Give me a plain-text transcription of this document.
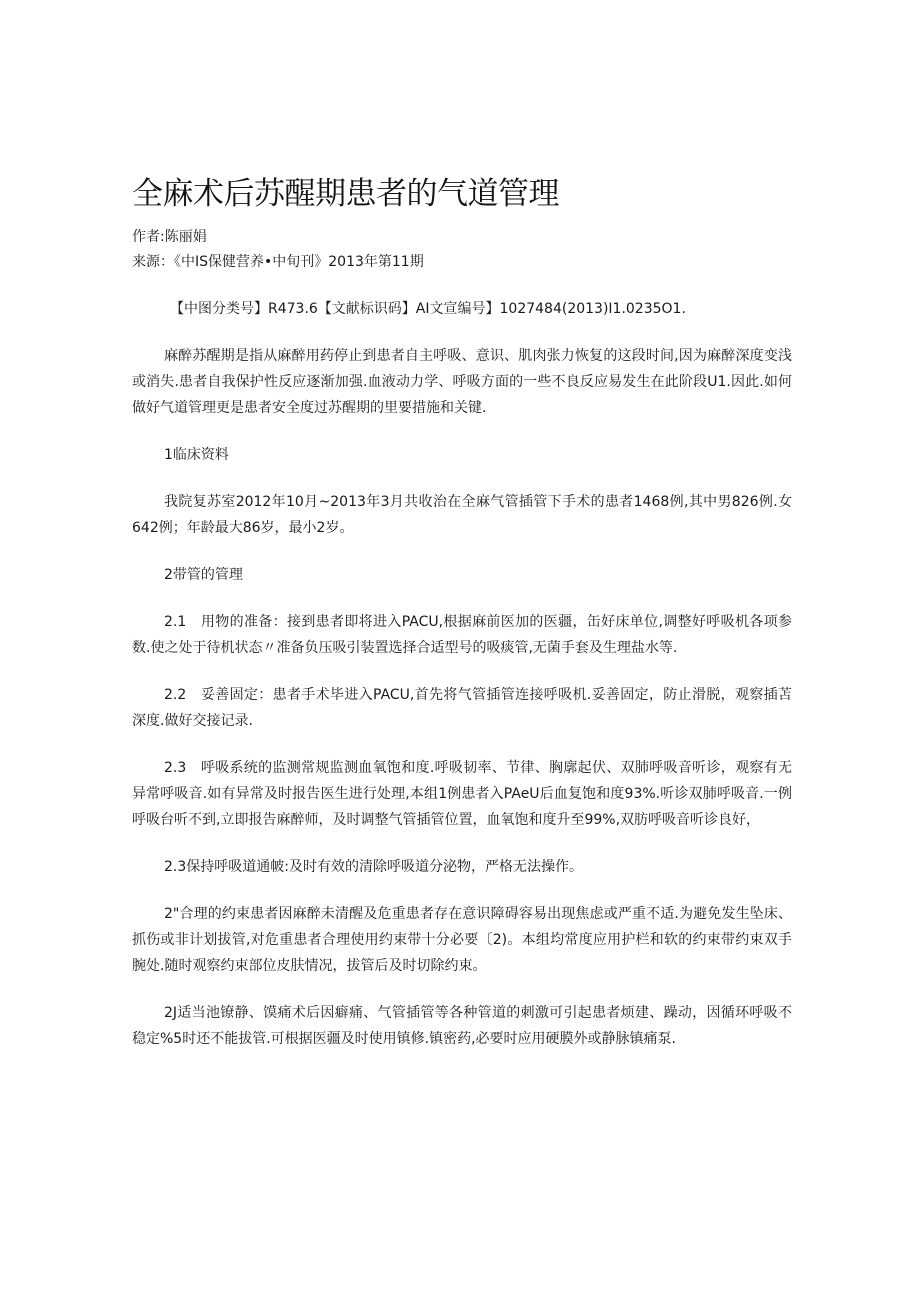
全麻术后苏醒期患者的气道管理
作者:陈丽娟
来源：《中IS保健营养•中旬刊》2013年第11期

【中图分类号】R473.6【文献标识码】AI文宣编号】1027484(2013)I1.0235O1.

麻醉苏醒期是指从麻醉用药停止到患者自主呼吸、意识、肌肉张力恢复的这段时间,因为麻醉深度变浅或消失.患者自我保护性反应逐渐加强.血液动力学、呼吸方面的一些不良反应易发生在此阶段U1.因此.如何做好气道管理更是患者安全度过苏醒期的里要措施和关键.

1临床资料

我院复苏室2012年10月~2013年3月共收治在全麻气管插管下手术的患者1468例,其中男826例.女642例；年龄最大86岁，最小2岁。

2带管的管理

2.1　用物的准备：接到患者即将进入PACU,根据麻前医加的医疆，缶好床单位,调整好呼吸机各项参数.使之处于待机状态〃准备负压吸引装置选择合适型号的吸痰管,无菌手套及生理盐水等.

2.2　妥善固定：患者手术毕进入PACU,首先将气管插管连接呼吸机.妥善固定，防止滑脱，观察插苫深度.做好交接记录.

2.3　呼吸系统的监测常规监测血氧饱和度.呼吸韧率、节律、胸廓起伏、双肺呼吸音听诊，观察有无异常呼吸音.如有异常及时报告医生进行处理,本组1例患者入PAeU后血复饱和度93%.听诊双肺呼吸音.一例呼吸台听不到,立即报告麻醉师，及时调整气管插管位置，血氧饱和度升至99%,双肪呼吸音听诊良好，

2.3保持呼吸道通帔:及时有效的清除呼吸道分泌物，严格无法操作。

2"合理的约束患者因麻醉未清醒及危重患者存在意识障碍容易出现焦虑或严重不适.为避免发生坠床、抓伤或非计划拔管,对危重患者合理使用约束带十分必要〔2)。本组均常度应用护栏和软的约束带约束双手腕处.随时观察约束部位皮肤情况，拔管后及时切除约束。

2J适当池镣静、馍痛术后因癖痛、气管插管等各种管道的刺激可引起患者烦建、躁动，因循环呼吸不稳定%5时还不能拔管.可根据医疆及时使用镇修.镇密药,必要时应用硬膜外或静脉镇痛泵.
